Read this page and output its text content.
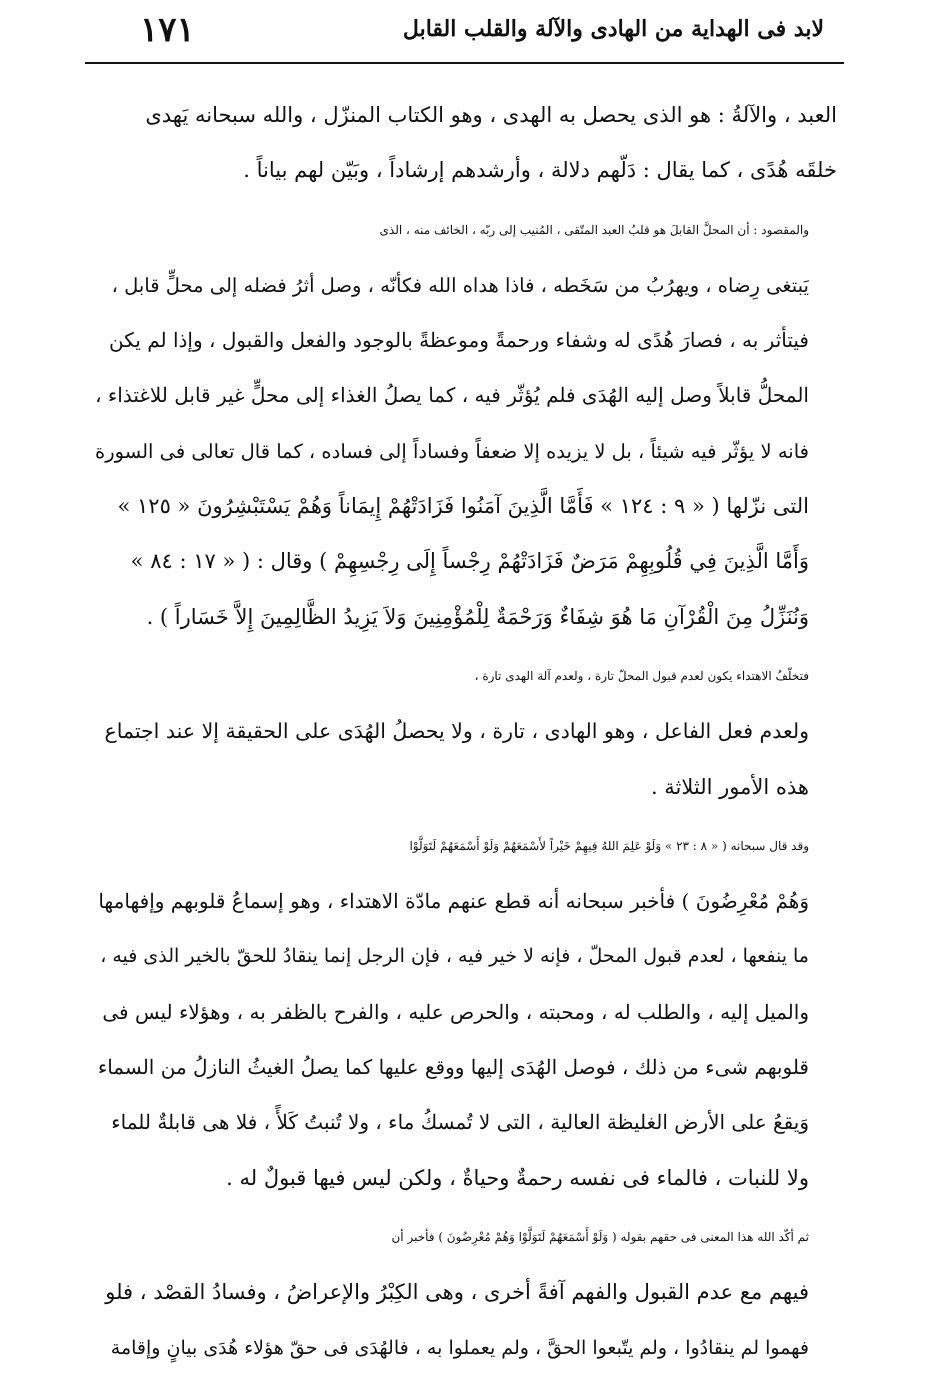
١٧١	لابد فى الهداية من الهادى والآلة والقلب القابل

العبد ، والآلةُ : هو الذى يحصل به الهدى ، وهو الكتاب المنزّل ، والله سبحانه يَهدى
خلقَه هُدًى ، كما يقال : دَلّهم دلالة ، وأرشدهم إرشاداً ، وبَيّن لهم بياناً .

والمقصود : أن المحلَّ القابلَ هو قلبُ العبد المتّقى ، المُنيب إلى ربّه ، الخائف منه ، الذى
يَبتغى رِضاه ، ويهرُبُ من سَخَطه ، فاذا هداه الله فكأنّه ، وصل أثرُ فضله إلى محلٍّ قابل ،
فيتأثر به ، فصارَ هُدًى له وشفاء ورحمةً وموعظةً بالوجود والفعل والقبول ، وإذا لم يكن
المحلُّ قابلاً وصل إليه الهُدَى فلم يُؤثّر فيه ، كما يصلُ الغذاء إلى محلٍّ غير قابل للاغتذاء ،
فانه لا يؤثّر فيه شيئاً ، بل لا يزيده إلا ضعفاً وفساداً إلى فساده ، كما قال تعالى فى السورة
التى نزّلها ( « ٩ : ١٢٤ » فَأَمَّا الَّذِينَ آمَنُوا فَزَادَتْهُمْ إِيمَاناً وَهُمْ يَسْتَبْشِرُونَ « ١٢٥ »
وَأَمَّا الَّذِينَ فِي قُلُوبِهِمْ مَرَضٌ فَزَادَتْهُمْ رِجْساً إِلَى رِجْسِهِمْ ) وقال : ( « ١٧ : ٨٤ »
وَنُنَزِّلُ مِنَ الْقُرْآنِ مَا هُوَ شِفَاءٌ وَرَحْمَةٌ لِلْمُؤْمِنِينَ وَلاَ يَزِيدُ الظَّالِمِينَ إِلاَّ خَسَاراً ) .

فتخلّفُ الاهتداء يكون لعدم قبول المحلّ تارة ، ولعدم آلة الهدى تارة ،
ولعدم فعل الفاعل ، وهو الهادى ، تارة ، ولا يحصلُ الهُدَى على الحقيقة إلا عند اجتماع
هذه الأمور الثلاثة .

وقد قال سبحانه ( « ٨ : ٢٣ » وَلَوْ عَلِمَ اللهُ فِيهِمْ خَيْراً لأَسْمَعَهُمْ وَلَوْ أَسْمَعَهُمْ لَتَوَلَّوْا
وَهُمْ مُعْرِضُونَ ) فأخبر سبحانه أنه قطع عنهم مادّة الاهتداء ، وهو إسماعُ قلوبهم وإفهامها
ما ينفعها ، لعدم قبول المحلّ ، فإنه لا خير فيه ، فإن الرجل إنما ينقادُ للحقّ بالخير الذى فيه ،
والميل إليه ، والطلب له ، ومحبته ، والحرص عليه ، والفرح بالظفر به ، وهؤلاء ليس فى
قلوبهم شىء من ذلك ، فوصل الهُدَى إليها ووقع عليها كما يصلُ الغيثُ النازلُ من السماء
وَيقعُ على الأرض الغليظة العالية ، التى لا تُمسكُ ماء ، ولا تُنبتُ كَلأً ، فلا هى قابلةٌ للماء
ولا للنبات ، فالماء فى نفسه رحمةٌ وحياةٌ ، ولكن ليس فيها قبولٌ له .

ثم أكّد الله هذا المعنى فى حقهم بقوله ( وَلَوْ أَسْمَعَهُمْ لَتَوَلَّوْا وَهُمْ مُعْرِضُونَ ) فأخبر أن
فيهم مع عدم القبول والفهم آفةً أخرى ، وهى الكِبْرُ والإعراضُ ، وفسادُ القصْد ، فلو
فهموا لم ينقادُوا ، ولم يتّبعوا الحقَّ ، ولم يعملوا به ، فالهُدَى فى حقّ هؤلاء هُدَى بيانٍ وإقامة
